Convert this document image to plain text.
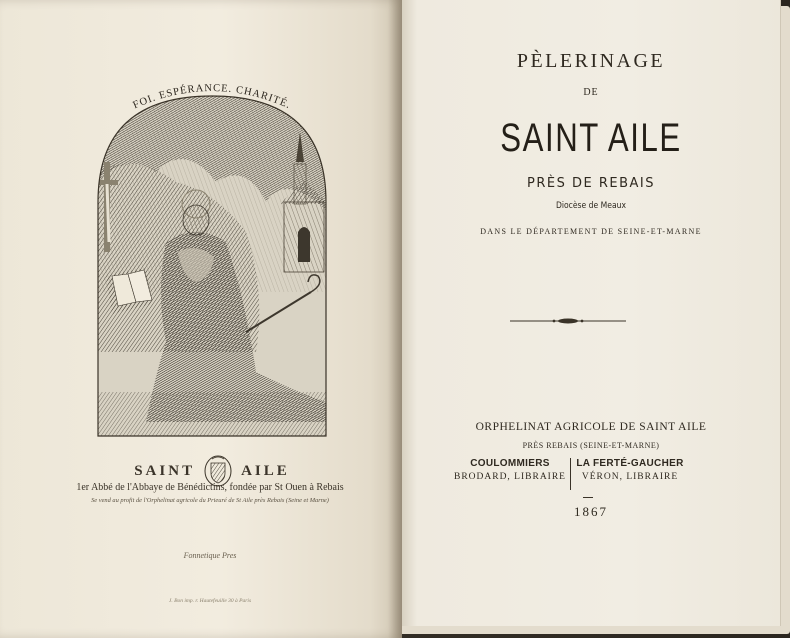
FOI. ESPÉRANCE. CHARITÉ.
SAINT	AILE
1er Abbé de l'Abbaye de Bénédictins, fondée par St Ouen à Rebais
Se vend au profit de l'Orphelinat agricole du Prieuré de St Aile près Rebais (Seine et Marne)
Fonnetique Pres
J. Bon imp. r. Hautefeuille 30 à Paris
PÈLERINAGE
DE
SAINT AILE
PRÈS DE REBAIS
Diocèse de Meaux
DANS LE DÉPARTEMENT DE SEINE-ET-MARNE
ORPHELINAT AGRICOLE DE SAINT AILE
PRÈS REBAIS (SEINE-ET-MARNE)
COULOMMIERS
BRODARD, LIBRAIRE
LA FERTÉ-GAUCHER
VÉRON, LIBRAIRE
1867
